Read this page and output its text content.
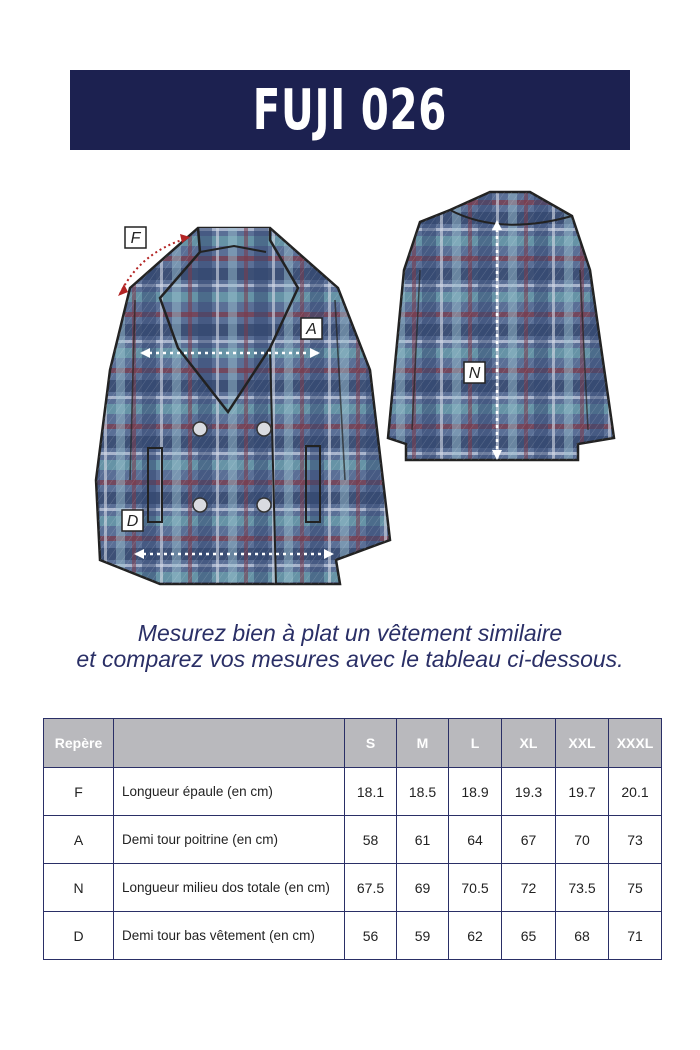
FUJI 026
F
A
N
D
Mesurez bien à plat un vêtement similaire
et comparez vos mesures avec le tableau ci-dessous.
Repère		S	M	L	XL	XXL	XXXL
F	Longueur épaule (en cm)	18.1	18.5	18.9	19.3	19.7	20.1
A	Demi tour poitrine (en cm)	58	61	64	67	70	73
N	Longueur milieu dos totale (en cm)	67.5	69	70.5	72	73.5	75
D	Demi tour bas vêtement (en cm)	56	59	62	65	68	71
